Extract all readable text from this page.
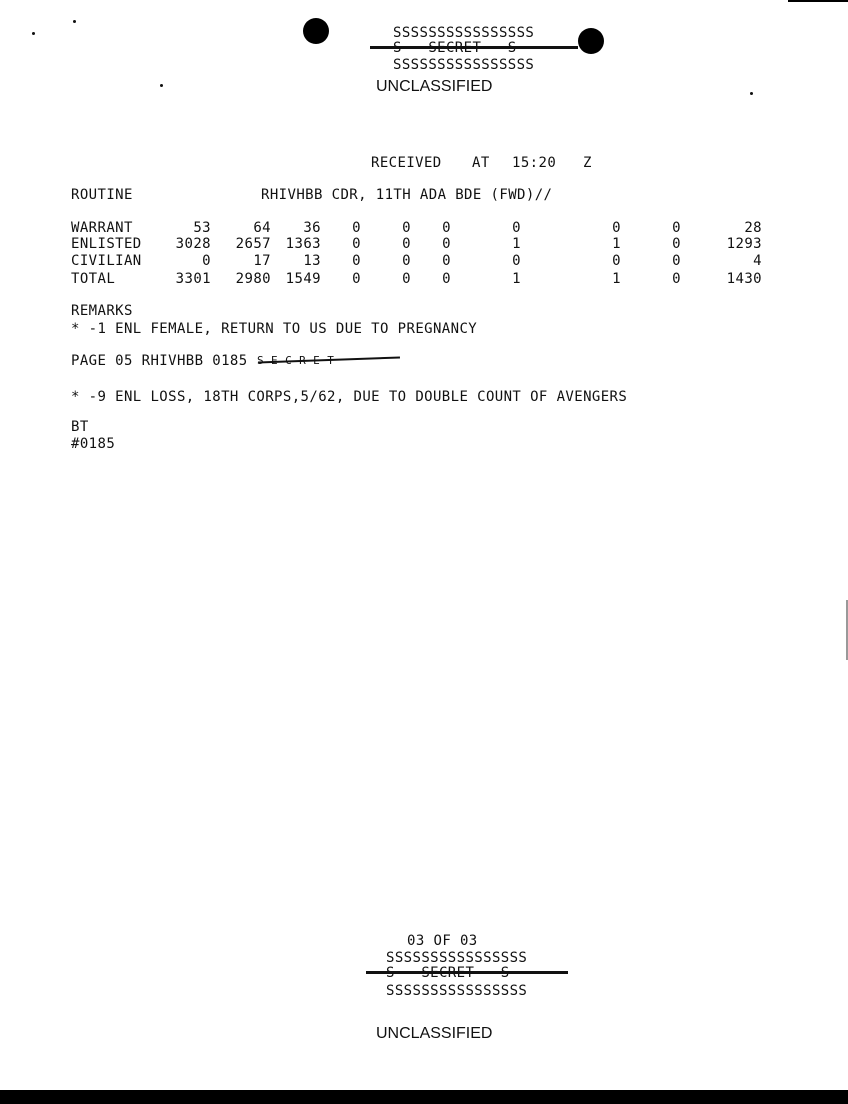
SSSSSSSSSSSSSSSS
SSSSSSSSSSSSSSSS
UNCLASSIFIED
RECEIVED AT 15:20 Z
ROUTINE	RHIVHBB CDR, 11TH ADA BDE (FWD)//
WARRANT	53	64 36 0	0 0	0	0	0	28
ENLISTED 3028 2657 1363 0	0 0	1	1	0	1293
CIVILIAN	0	17 13 0	0 0	0	0	0	4
TOTAL	3301 2980 1549 0	0 0	1	1	0	1430
REMARKS
* -1 ENL FEMALE, RETURN TO US DUE TO PREGNANCY
PAGE 05 RHIVHBB 0185
* -9 ENL LOSS, 18TH CORPS,5/62, DUE TO DOUBLE COUNT OF AVENGERS
BT
#0185
03 OF 03
SSSSSSSSSSSSSSSS
SSSSSSSSSSSSSSSS
UNCLASSIFIED
